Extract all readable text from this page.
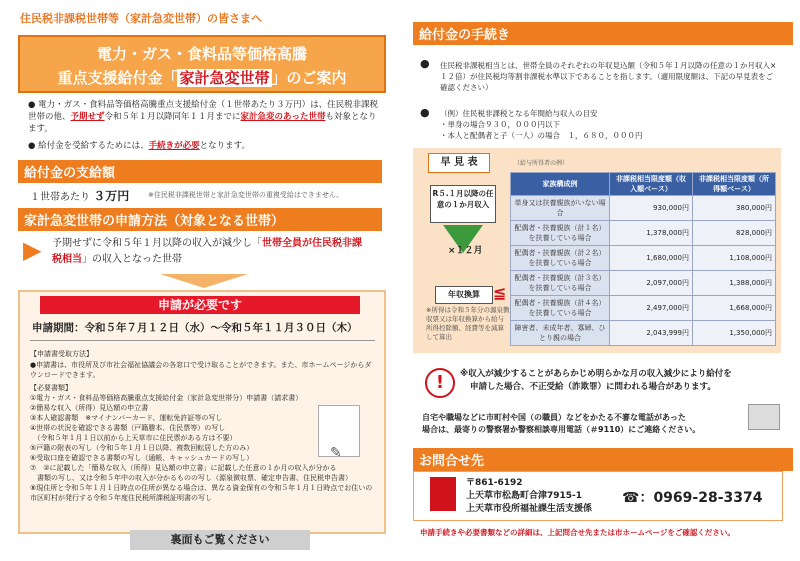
住民税非課税世帯等（家計急変世帯）の皆さまへ
電力・ガス・食料品等価格高騰
重点支援給付金「 家計急変世帯 」のご案内
● 電力・ガス・食料品等価格高騰重点支援給付金（１世帯あたり３万円）は、住民税非課税世帯の他、予期せず令和５年１月以降同年１１月までに家計急変のあった世帯も対象となります。
● 給付金を受給するためには、手続きが必要となります。
給付金の支給額
１世帯あたり ３万円	※住民税非課税世帯と家計急変世帯の重複受給はできません。
家計急変世帯の申請方法（対象となる世帯）
予期せずに令和５年１月以降の収入が減少し「世帯全員が住民税非課税相当」の収入となった世帯
▶
申請が必要です
申請期間：令和５年７月１２日（水）～令和５年１１月３０日（木）
【申請書受取方法】
●申請書は、市役所及び市社会福祉協議会の各窓口で受け取ることができます。また、市ホームページからダウンロードできます。
【必要書類】
①電力・ガス・食料品等価格高騰重点支援給付金（家計急変世帯分）申請書（請求書）
②簡易な収入（所得）見込額の申立書
③本人確認書類　※マイナンバーカード、運転免許証等の写し
④世帯の状況を確認できる書類（戸籍謄本、住民票等）の写し
　（令和５年１月１日以前から上天草市に住民票がある方は不要）
⑤戸籍の附表の写し（令和５年１月１日以降、複数回転居した方のみ）
⑥受取口座を確認できる書類の写し（通帳、キャッシュカードの写し）
⑦　②に記載した「簡易な収入（所得）見込額の申立書」に記載した任意の１か月の収入が分かる
　書類の写し、又は令和５年中の収入が分かるものの写し（源泉徴収票、確定申告書、住民税申告書）
⑧現住所と令和５年１月１日時点の住所が異なる場合は、異なる資金保有の令和５年１月１日時点でお住いの市区町村が発行する令和５年度住民税所課税証明書の写し
✎
裏面もご覧ください
給付金の手続き
● 住民税非課税相当とは、世帯全員のそれぞれの年収見込額（令和５年１月以降の任意の１か月収入×１２倍）が住民税均等割非課税水準以下であることを指します。（適用限度額は、下記の早見表をご確認ください）
● （例）住民税非課税となる年間給与収入の目安
・単身の場合９３０，０００円以下
・本人と配偶者と子（一人）の場合　１，６８０，０００円
早 見 表	（給与所得者の例）
R５.１月以降の任意の１か月収入
×１２月
年収換算 ≦
※所得は令和５年分の源泉徴収票又は年収換算から給与所得控除額、経費等を減算して算出
家族構成例	非課税相当限度額（収入額ベース）	非課税相当限度額（所得額ベース）
単身又は扶養親族がいない場合	930,000円	380,000円
配偶者・扶養親族（計１名）を扶養している場合	1,378,000円	828,000円
配偶者・扶養親族（計２名）を扶養している場合	1,680,000円	1,108,000円
配偶者・扶養親族（計３名）を扶養している場合	2,097,000円	1,388,000円
配偶者・扶養親族（計４名）を扶養している場合	2,497,000円	1,668,000円
障害者、未成年者、寡婦、ひとり親の場合	2,043,999円	1,350,000円
!	※収入が減少することがあらかじめ明らかな月の収入減少により給付を
申請した場合、不正受給（詐欺罪）に問われる場合があります。
自宅や職場などに市町村や国（の職員）などをかたる不審な電話があった
場合は、最寄りの警察署か警察相談専用電話（＃9110）にご連絡ください。
お問合せ先
〒861-6192
上天草市松島町合津7915-1
上天草市役所福祉課生活支援係
☎：0969-28-3374
申請手続きや必要書類などの詳細は、上記問合せ先または市ホームページをご確認ください。
